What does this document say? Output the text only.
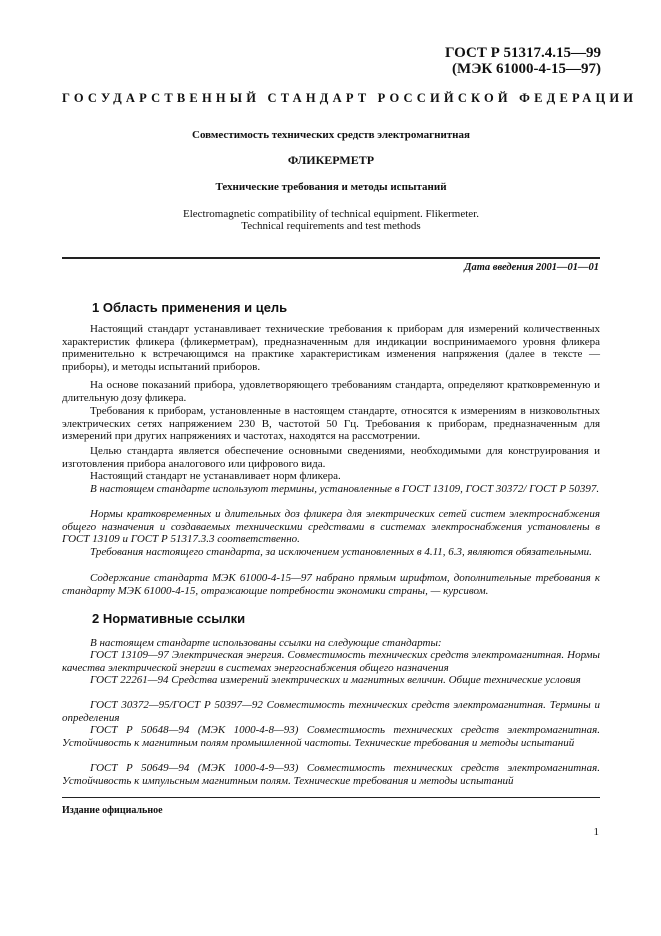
ГОСТ Р 51317.4.15—99
(МЭК 61000-4-15—97)
ГОСУДАРСТВЕННЫЙ СТАНДАРТ РОССИЙСКОЙ ФЕДЕРАЦИИ
Совместимость технических средств электромагнитная
ФЛИКЕРМЕТР
Технические требования и методы испытаний
Electromagnetic compatibility of technical equipment. Flikermeter.
Technical requirements and test methods
Дата введения 2001—01—01
1 Область применения и цель

Настоящий стандарт устанавливает технические требования к приборам для измерений количественных характеристик фликера (фликерметрам), предназначенным для индикации воспринимаемого уровня фликера применительно к встречающимся на практике характеристикам изменения напряжения (далее в тексте — приборы), и методы испытаний приборов.

На основе показаний прибора, удовлетворяющего требованиям стандарта, определяют кратковременную и длительную дозу фликера.

Требования к приборам, установленные в настоящем стандарте, относятся к измерениям в низковольтных электрических сетях напряжением 230 В, частотой 50 Гц. Требования к приборам, предназначенным для измерений при других напряжениях и частотах, находятся на рассмотрении.

Целью стандарта является обеспечение основными сведениями, необходимыми для конструирования и изготовления прибора аналогового или цифрового вида.

Настоящий стандарт не устанавливает норм фликера.

В настоящем стандарте используют термины, установленные в ГОСТ 13109, ГОСТ 30372/ ГОСТ Р 50397.

Нормы кратковременных и длительных доз фликера для электрических сетей систем электроснабжения общего назначения и создаваемых техническими средствами в системах электроснабжения установлены в ГОСТ 13109 и ГОСТ Р 51317.3.3 соответственно.

Требования настоящего стандарта, за исключением установленных в 4.11, 6.3, являются обязательными.

Содержание стандарта МЭК 61000-4-15—97 набрано прямым шрифтом, дополнительные требования к стандарту МЭК 61000-4-15, отражающие потребности экономики страны, — курсивом.

2 Нормативные ссылки

В настоящем стандарте использованы ссылки на следующие стандарты:

ГОСТ 13109—97 Электрическая энергия. Совместимость технических средств электромагнитная. Нормы качества электрической энергии в системах энергоснабжения общего назначения

ГОСТ 22261—94 Средства измерений электрических и магнитных величин. Общие технические условия

ГОСТ 30372—95/ГОСТ Р 50397—92 Совместимость технических средств электромагнитная. Термины и определения

ГОСТ Р 50648—94 (МЭК 1000-4-8—93) Совместимость технических средств электромагнитная. Устойчивость к магнитным полям промышленной частоты. Технические требования и методы испытаний

ГОСТ Р 50649—94 (МЭК 1000-4-9—93) Совместимость технических средств электромагнитная. Устойчивость к импульсным магнитным полям. Технические требования и методы испытаний

Издание официальное
1
